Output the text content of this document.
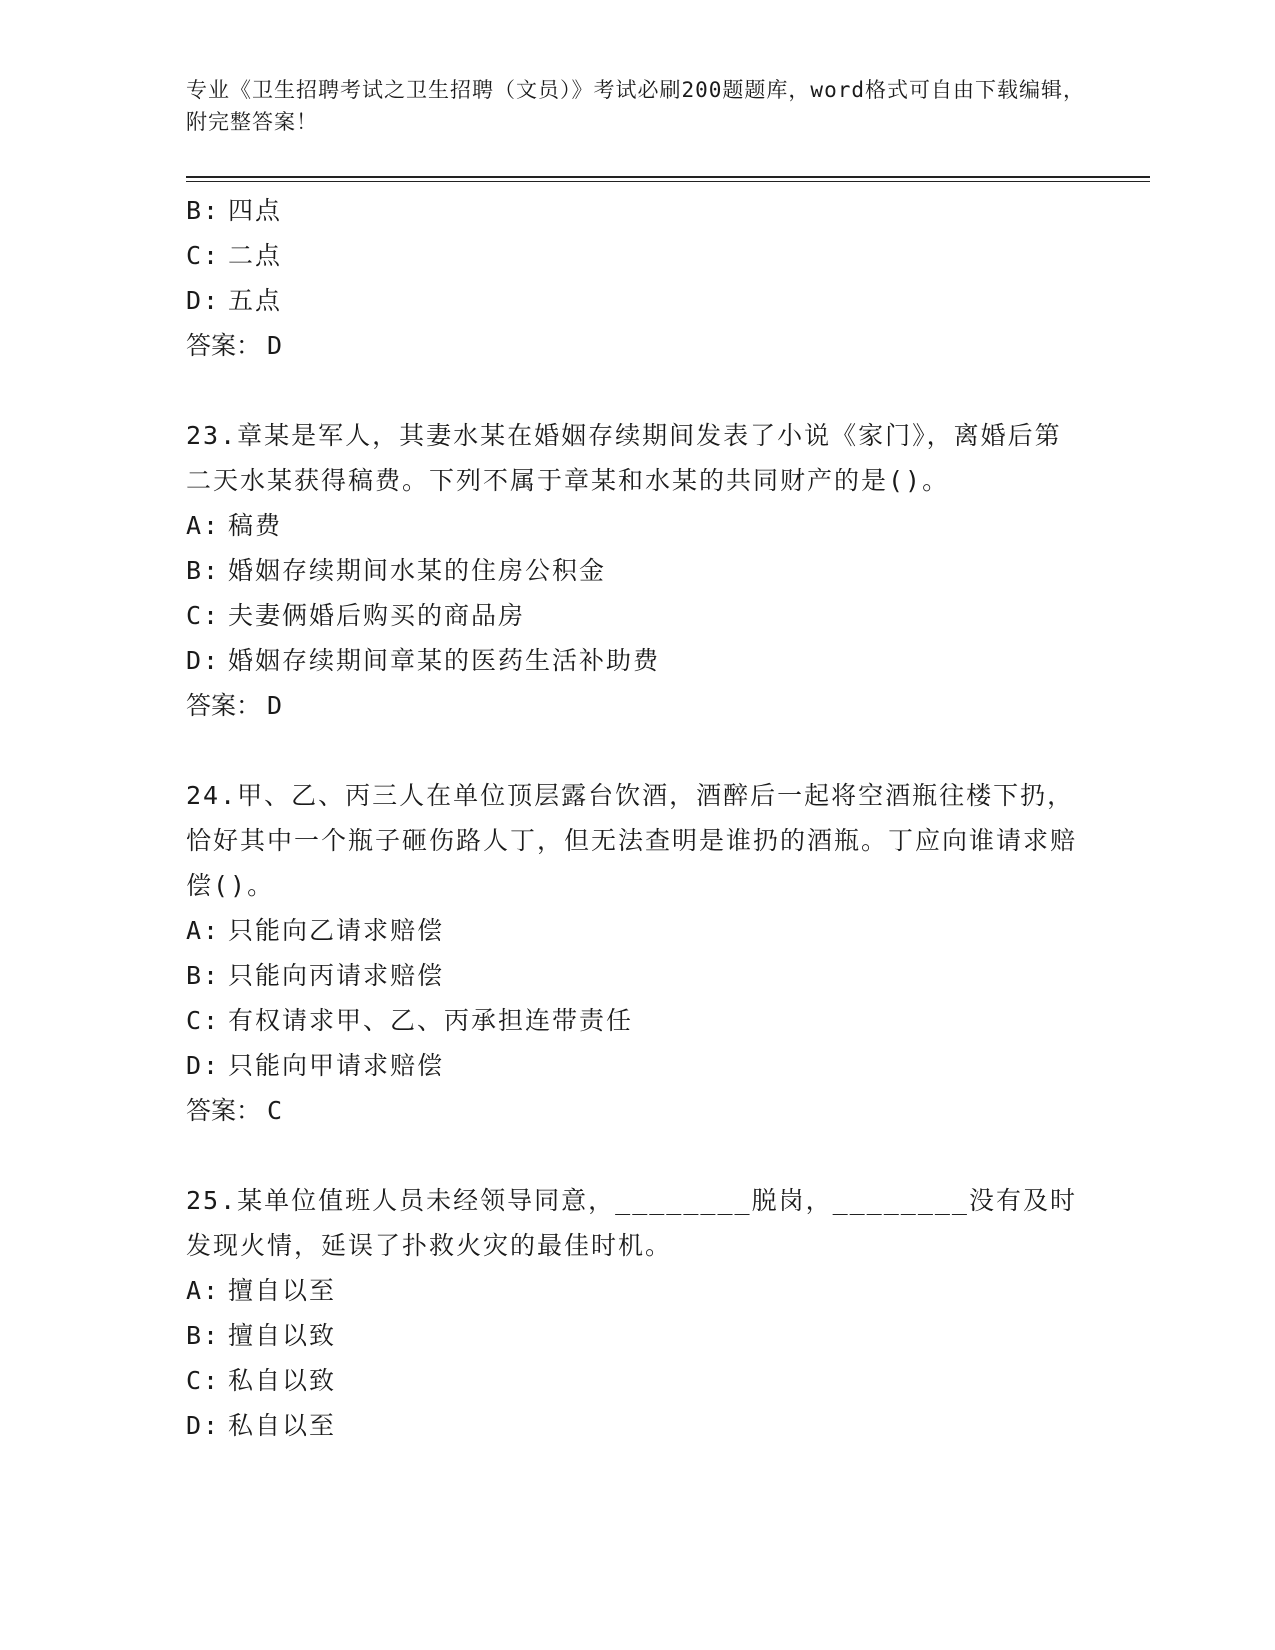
专业《卫生招聘考试之卫生招聘（文员）》考试必刷200题题库，word格式可自由下载编辑，附完整答案！
B: 四点
C: 二点
D: 五点
答案： D
23.章某是军人，其妻水某在婚姻存续期间发表了小说《家门》，离婚后第二天水某获得稿费。下列不属于章某和水某的共同财产的是()。
A: 稿费
B: 婚姻存续期间水某的住房公积金
C: 夫妻俩婚后购买的商品房
D: 婚姻存续期间章某的医药生活补助费
答案： D
24.甲、乙、丙三人在单位顶层露台饮酒，酒醉后一起将空酒瓶往楼下扔，恰好其中一个瓶子砸伤路人丁，但无法查明是谁扔的酒瓶。丁应向谁请求赔偿()。
A: 只能向乙请求赔偿
B: 只能向丙请求赔偿
C: 有权请求甲、乙、丙承担连带责任
D: 只能向甲请求赔偿
答案： C
25.某单位值班人员未经领导同意，________脱岗，________没有及时发现火情，延误了扑救火灾的最佳时机。
A: 擅自以至
B: 擅自以致
C: 私自以致
D: 私自以至
